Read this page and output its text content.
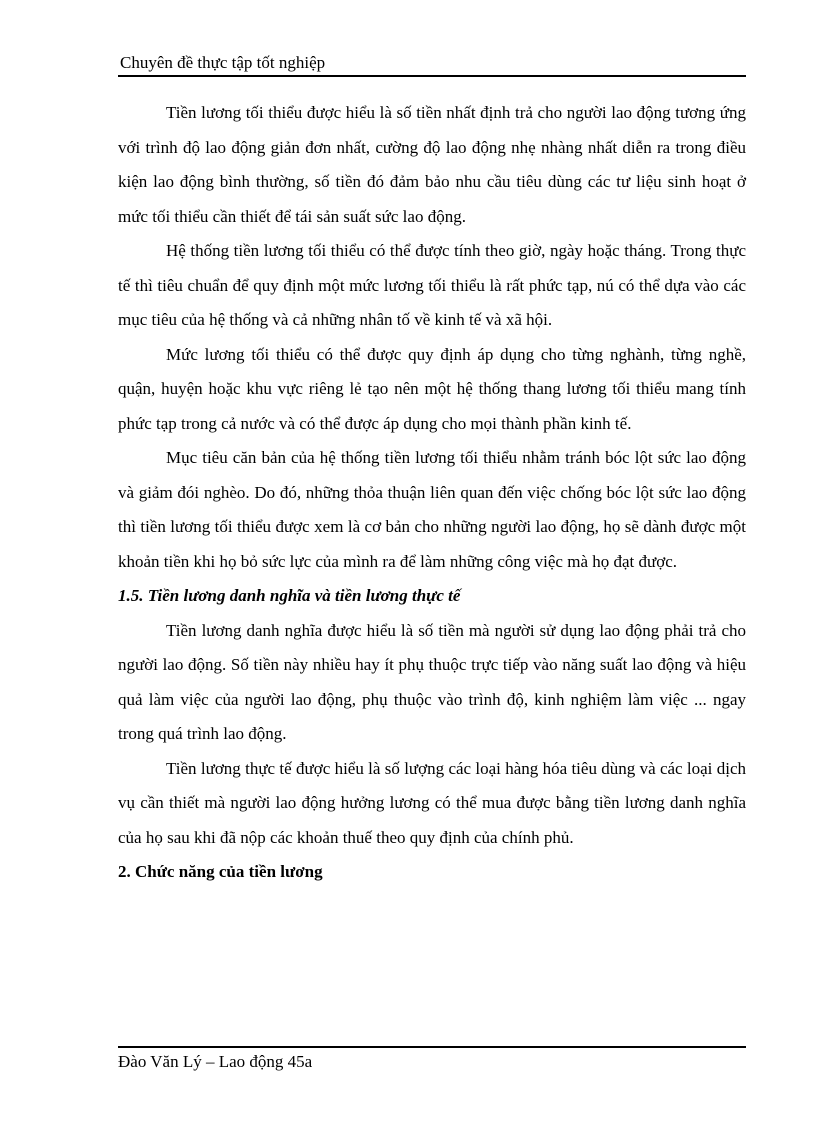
Chuyên đề thực tập tốt nghiệp

Tiền lương tối thiểu được hiểu là số tiền nhất định trả cho người lao động tương ứng với trình độ lao động giản đơn nhất, cường độ lao động nhẹ nhàng nhất diễn ra trong điều kiện lao động bình thường, số tiền đó đảm bảo nhu cầu tiêu dùng các tư liệu sinh hoạt ở mức tối thiểu cần thiết để tái sản suất sức lao động.

Hệ thống tiền lương tối thiểu có thể được tính theo giờ, ngày hoặc tháng. Trong thực tế thì tiêu chuẩn để quy định một mức lương tối thiểu là rất phức tạp, nú có thể dựa vào các mục tiêu của hệ thống và cả những nhân tố về kinh tế và xã hội.

Mức lương tối thiểu có thể được quy định áp dụng cho từng nghành, từng nghề, quận, huyện hoặc khu vực riêng lẻ tạo nên một hệ thống thang lương tối thiểu mang tính phức tạp trong cả nước và có thể được áp dụng cho mọi thành phần kinh tế.

Mục tiêu căn bản của hệ thống tiền lương tối thiểu nhằm tránh bóc lột sức lao động và giảm đói nghèo. Do đó, những thỏa thuận liên quan đến việc chống bóc lột sức lao động thì tiền lương tối thiểu được xem là cơ bản cho những người lao động, họ sẽ dành được một khoản tiền khi họ bỏ sức lực của mình ra để làm những công việc mà họ đạt được.

1.5. Tiền lương danh nghĩa và tiền lương thực tế

Tiền lương danh nghĩa được hiểu là số tiền mà người sử dụng lao động phải trả cho người lao động. Số tiền này nhiều hay ít phụ thuộc trực tiếp vào năng suất lao động và hiệu quả làm việc của người lao động, phụ thuộc vào trình độ, kinh nghiệm làm việc ... ngay trong quá trình lao động.

Tiền lương thực tế được hiểu là số lượng các loại hàng hóa tiêu dùng và các loại dịch vụ cần thiết mà người lao động hưởng lương có thể mua được bằng tiền lương danh nghĩa của họ sau khi đã nộp các khoản thuế theo quy định của chính phủ.

2. Chức năng của tiền lương
Đào Văn Lý – Lao động 45a
